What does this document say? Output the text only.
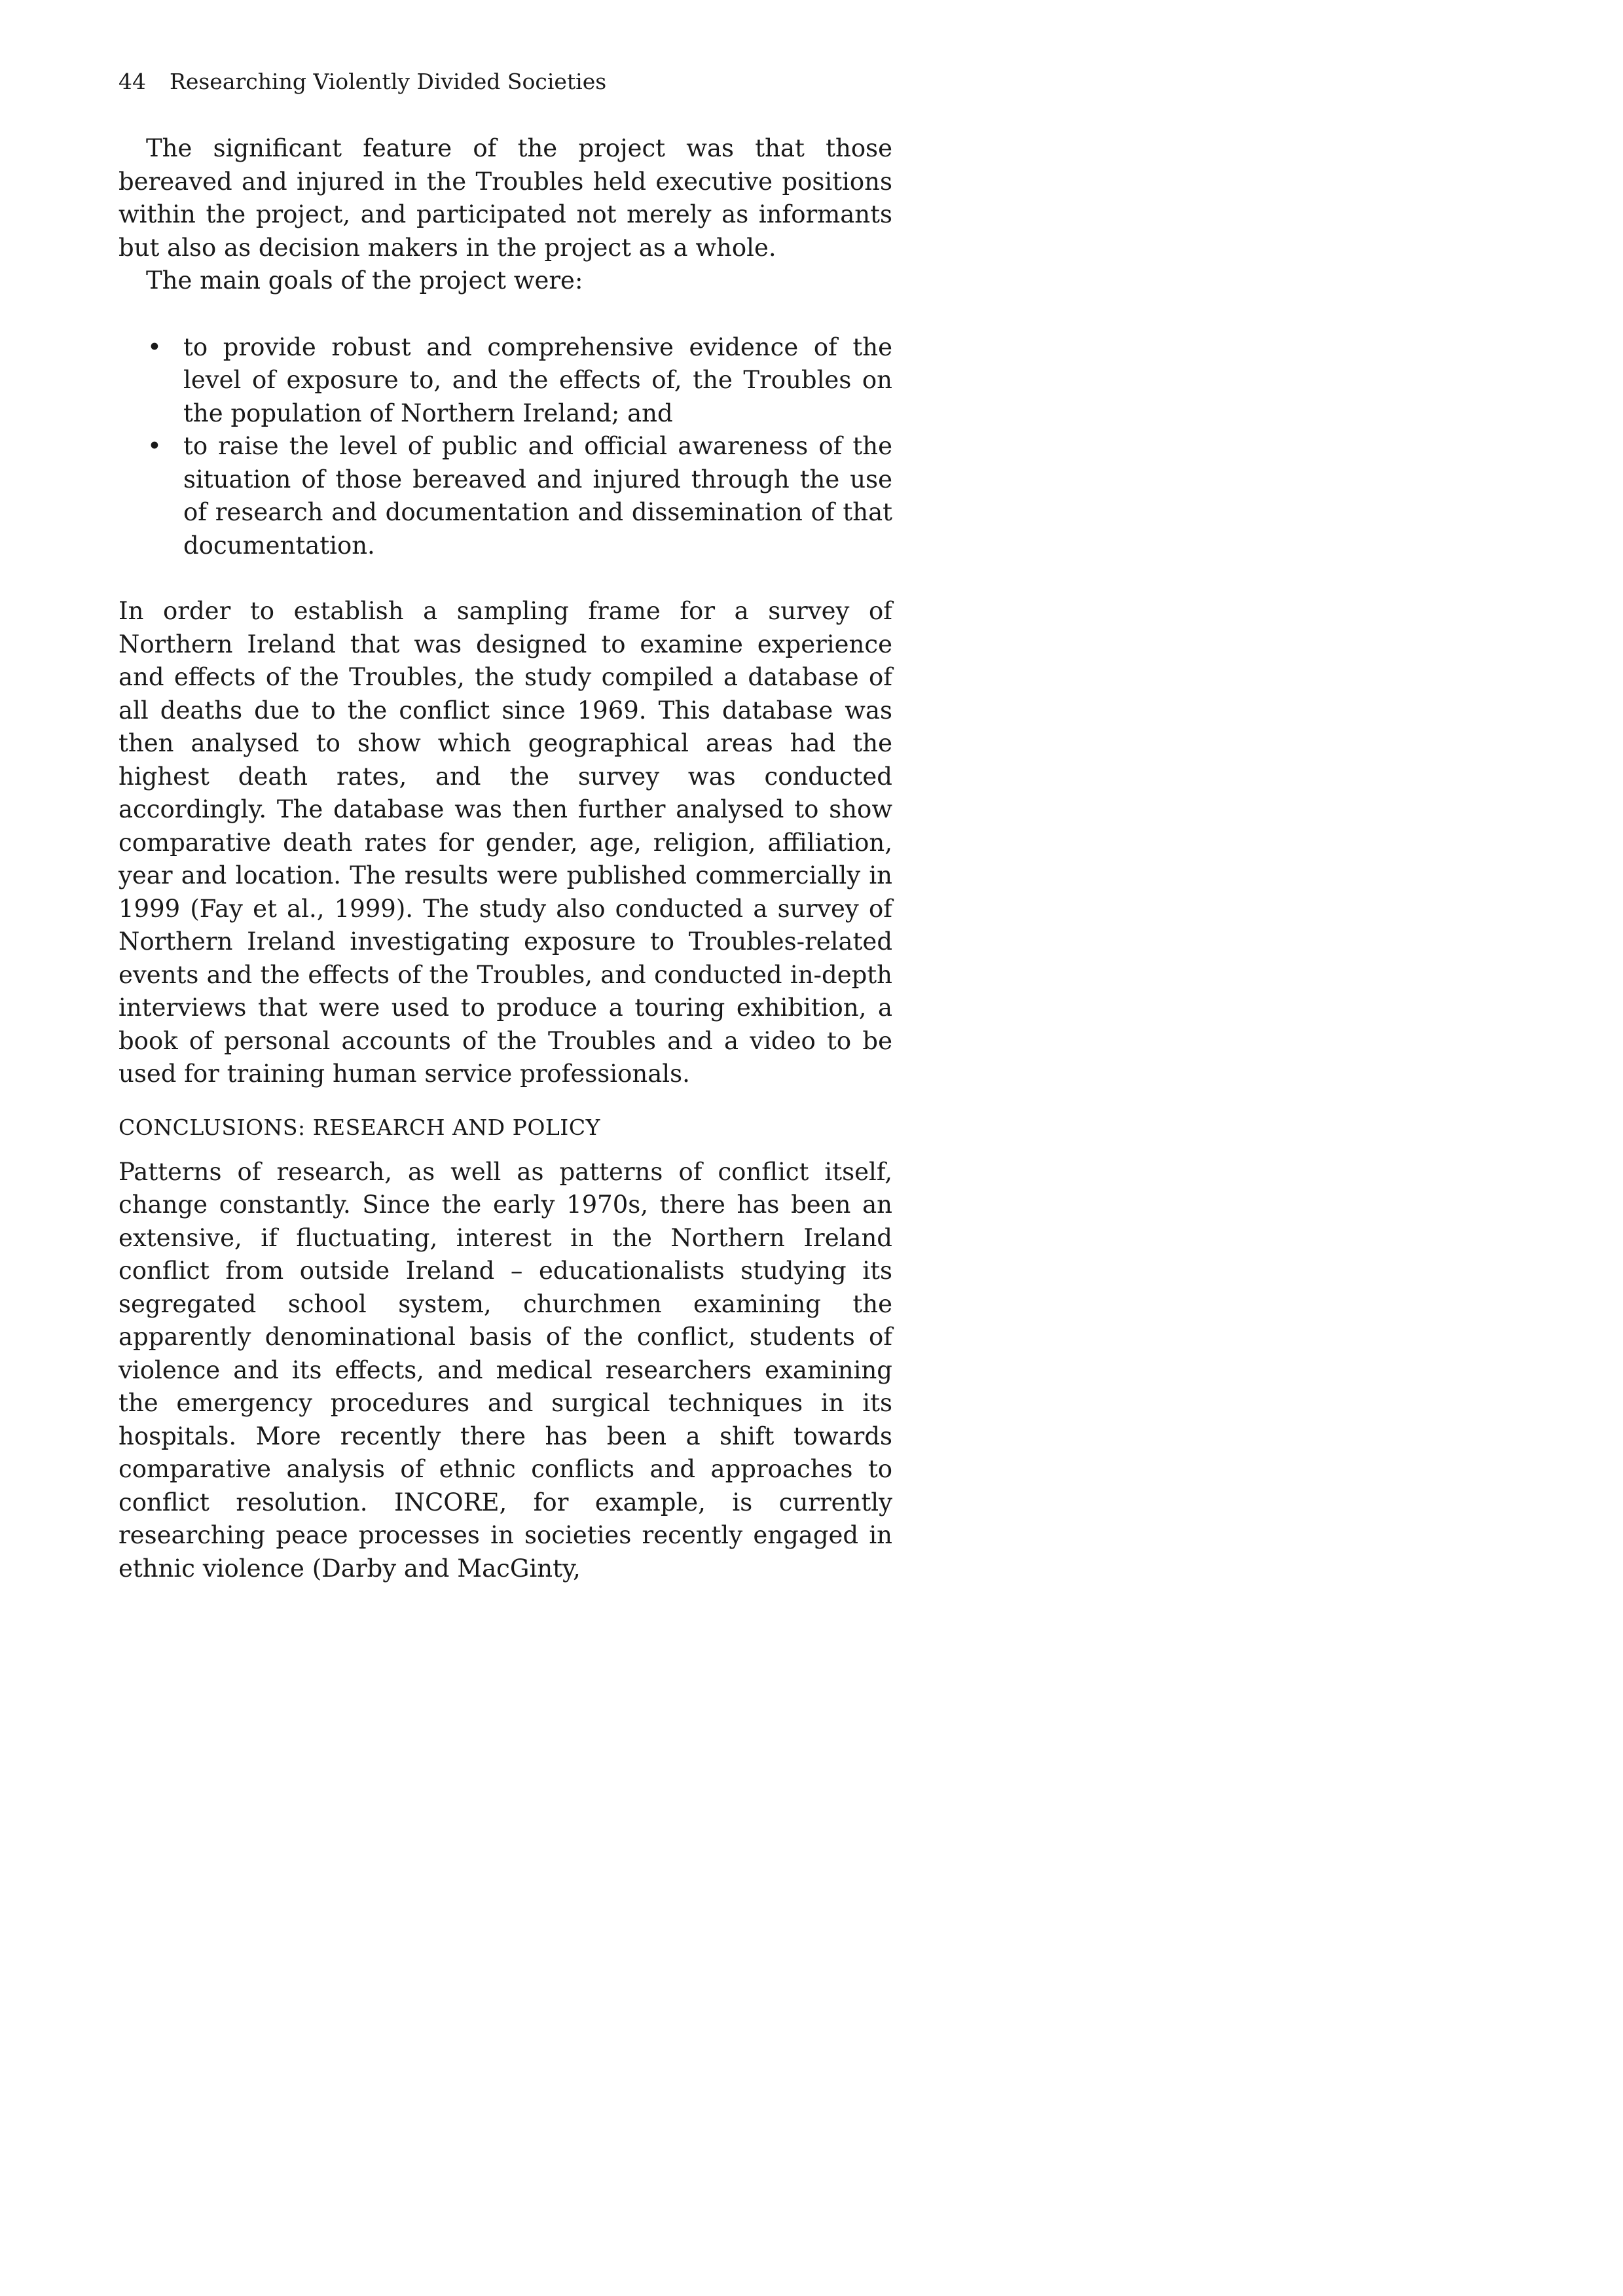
44 Researching Violently Divided Societies

The significant feature of the project was that those bereaved and injured in the Troubles held executive positions within the project, and participated not merely as informants but also as decision makers in the project as a whole.

The main goals of the project were:

• to provide robust and comprehensive evidence of the level of exposure to, and the effects of, the Troubles on the population of Northern Ireland; and
• to raise the level of public and official awareness of the situation of those bereaved and injured through the use of research and documentation and dissemination of that documentation.

In order to establish a sampling frame for a survey of Northern Ireland that was designed to examine experience and effects of the Troubles, the study compiled a database of all deaths due to the conflict since 1969. This database was then analysed to show which geographical areas had the highest death rates, and the survey was conducted accordingly. The database was then further analysed to show comparative death rates for gender, age, religion, affiliation, year and location. The results were published commercially in 1999 (Fay et al., 1999). The study also conducted a survey of Northern Ireland investigating exposure to Troubles-related events and the effects of the Troubles, and conducted in-depth interviews that were used to produce a touring exhibition, a book of personal accounts of the Troubles and a video to be used for training human service professionals.

CONCLUSIONS: RESEARCH AND POLICY

Patterns of research, as well as patterns of conflict itself, change constantly. Since the early 1970s, there has been an extensive, if fluctuating, interest in the Northern Ireland conflict from outside Ireland – educationalists studying its segregated school system, churchmen examining the apparently denominational basis of the conflict, students of violence and its effects, and medical researchers examining the emergency procedures and surgical techniques in its hospitals. More recently there has been a shift towards comparative analysis of ethnic conflicts and approaches to conflict resolution. INCORE, for example, is currently researching peace processes in societies recently engaged in ethnic violence (Darby and MacGinty,
